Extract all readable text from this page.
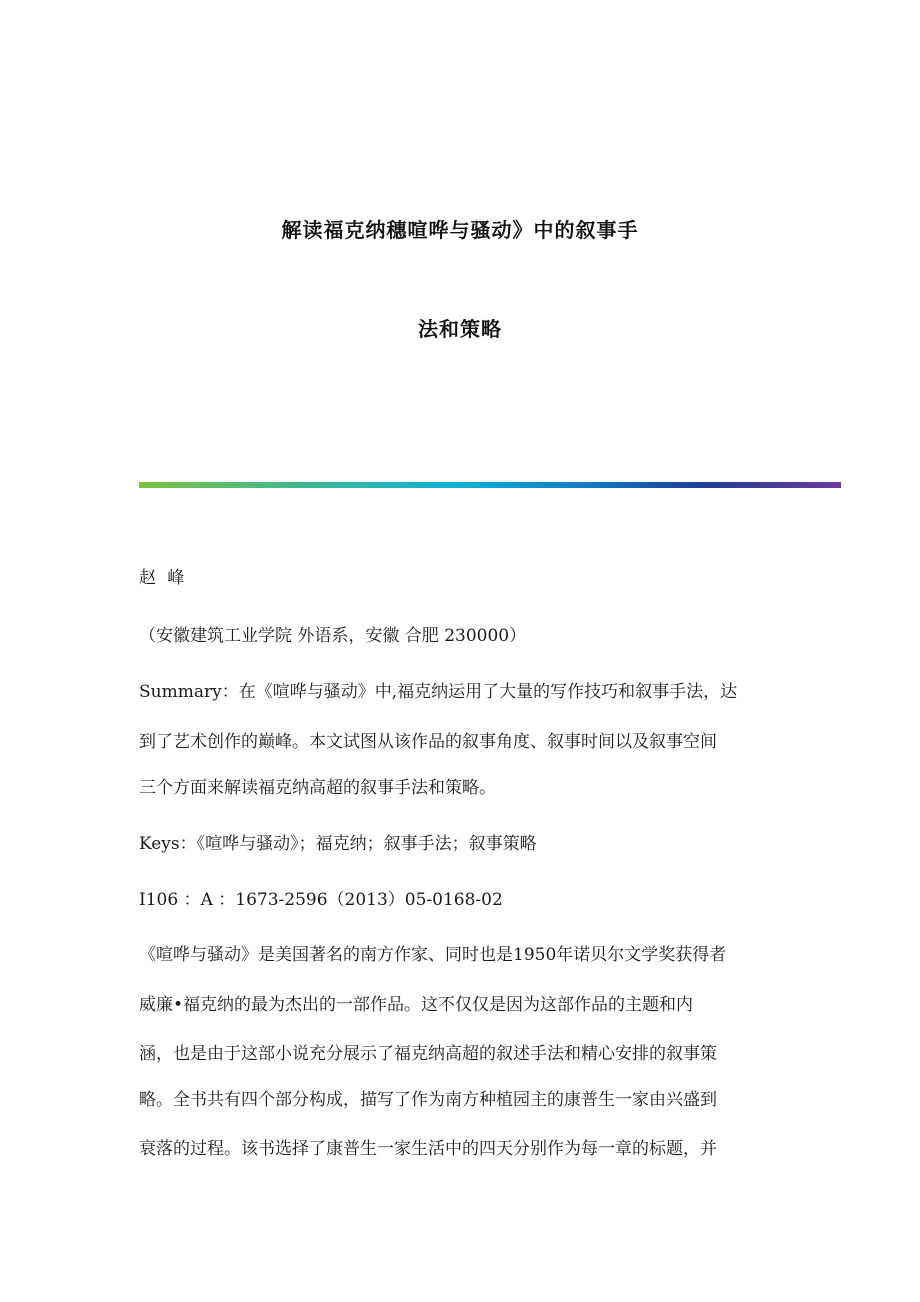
解读福克纳穗喧哗与骚动》中的叙事手
法和策略
赵 峰
（安徽建筑工业学院 外语系，安徽 合肥 230000）
Summary：在《喧哗与骚动》中,福克纳运用了大量的写作技巧和叙事手法，达
到了艺术创作的巅峰。本文试图从该作品的叙事角度、叙事时间以及叙事空间
三个方面来解读福克纳高超的叙事手法和策略。
Keys：《喧哗与骚动》；福克纳；叙事手法；叙事策略
I106 ：A ：1673-2596（2013）05-0168-02
《喧哗与骚动》是美国著名的南方作家、同时也是1950年诺贝尔文学奖获得者
威廉•福克纳的最为杰出的一部作品。这不仅仅是因为这部作品的主题和内
涵，也是由于这部小说充分展示了福克纳高超的叙述手法和精心安排的叙事策
略。全书共有四个部分构成，描写了作为南方种植园主的康普生一家由兴盛到
衰落的过程。该书选择了康普生一家生活中的四天分别作为每一章的标题，并
